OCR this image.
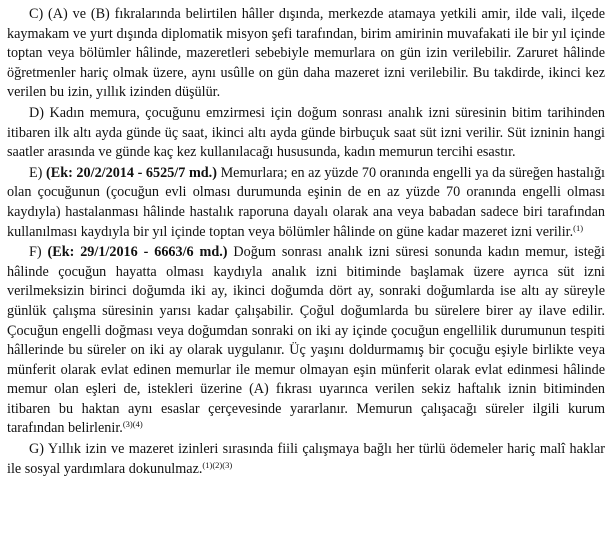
C) (A) ve (B) fıkralarında belirtilen hâller dışında, merkezde atamaya yetkili amir, ilde vali, ilçede kaymakam ve yurt dışında diplomatik misyon şefi tarafından, birim amirinin muvafakati ile bir yıl içinde toptan veya bölümler hâlinde, mazeretleri sebebiyle memurlara on gün izin verilebilir. Zaruret hâlinde öğretmenler hariç olmak üzere, aynı usûlle on gün daha mazeret izni verilebilir. Bu takdirde, ikinci kez verilen bu izin, yıllık izinden düşülür.

D) Kadın memura, çocuğunu emzirmesi için doğum sonrası analık izni süresinin bitim tarihinden itibaren ilk altı ayda günde üç saat, ikinci altı ayda günde birbuçuk saat süt izni verilir. Süt izninin hangi saatler arasında ve günde kaç kez kullanılacağı hususunda, kadın memurun tercihi esastır.

E) (Ek: 20/2/2014 - 6525/7 md.) Memurlara; en az yüzde 70 oranında engelli ya da süreğen hastalığı olan çocuğunun (çocuğun evli olması durumunda eşinin de en az yüzde 70 oranında engelli olması kaydıyla) hastalanması hâlinde hastalık raporuna dayalı olarak ana veya babadan sadece biri tarafından kullanılması kaydıyla bir yıl içinde toptan veya bölümler hâlinde on güne kadar mazeret izni verilir.$^{(1)}$

F) (Ek: 29/1/2016 - 6663/6 md.) Doğum sonrası analık izni süresi sonunda kadın memur, isteği hâlinde çocuğun hayatta olması kaydıyla analık izni bitiminde başlamak üzere ayrıca süt izni verilmeksizin birinci doğumda iki ay, ikinci doğumda dört ay, sonraki doğumlarda ise altı ay süreyle günlük çalışma süresinin yarısı kadar çalışabilir. Çoğul doğumlarda bu sürelere birer ay ilave edilir. Çocuğun engelli doğması veya doğumdan sonraki on iki ay içinde çocuğun engellilik durumunun tespiti hâllerinde bu süreler on iki ay olarak uygulanır. Üç yaşını doldurmamış bir çocuğu eşiyle birlikte veya münferit olarak evlat edinen memurlar ile memur olmayan eşin münferit olarak evlat edinmesi hâlinde memur olan eşleri de, istekleri üzerine (A) fıkrası uyarınca verilen sekiz haftalık iznin bitiminden itibaren bu haktan aynı esaslar çerçevesinde yararlanır. Memurun çalışacağı süreler ilgili kurum tarafından belirlenir.$^{(3)(4)}$

G) Yıllık izin ve mazeret izinleri sırasında fiili çalışmaya bağlı her türlü ödemeler hariç malî haklar ile sosyal yardımlara dokunulmaz.$^{(1)(2)(3)}$
